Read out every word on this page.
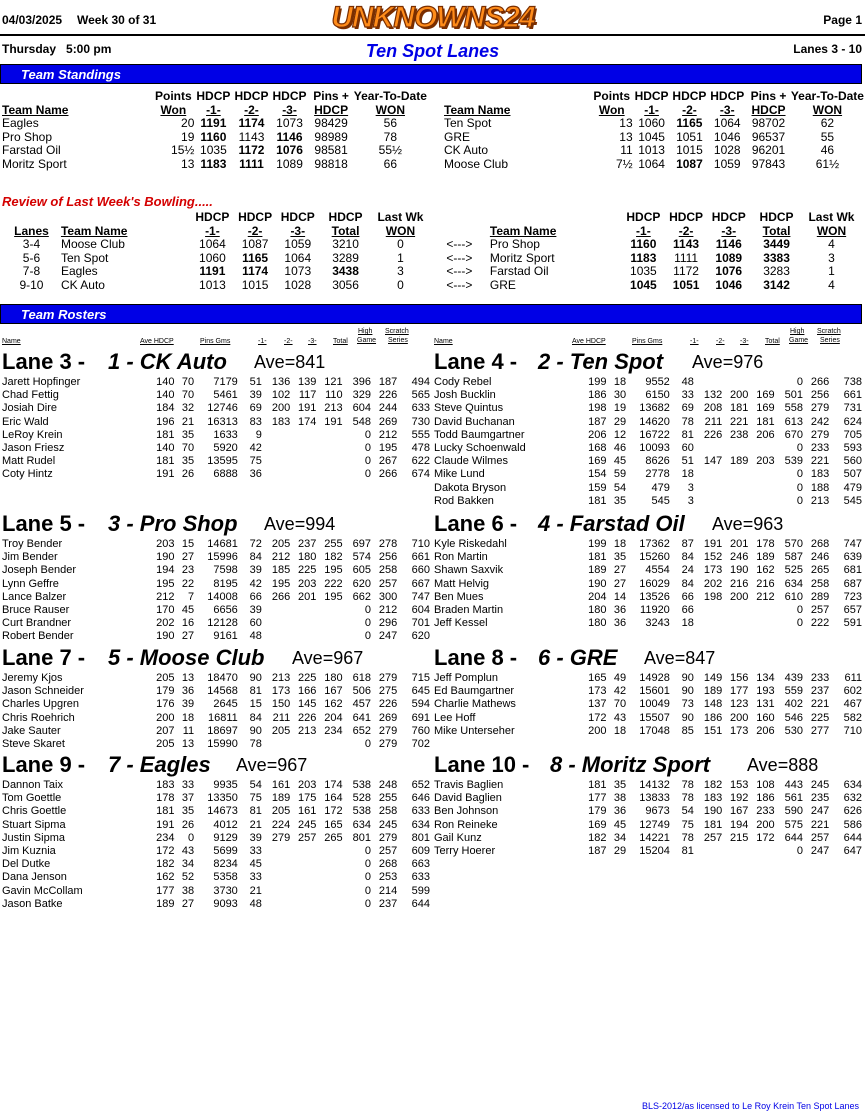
04/03/2025 Week 30 of 31	UNKNOWNS24	Page 1
Thursday   5:00 pm	Ten Spot Lanes	Lanes 3 - 10
Team Standings
	Points	HDCP	HDCP	HDCP	Pins +	Year-To-Date
Team Name	Won	-1-	-2-	-3-	HDCP	WON
Eagles	20	1191	1174	1073	98429	56
Pro Shop	19	1160	1143	1146	98989	78
Farstad Oil	15½	1035	1172	1076	98581	55½
Moritz Sport	13	1183	1111	1089	98818	66
	Points	HDCP	HDCP	HDCP	Pins +	Year-To-Date
Team Name	Won	-1-	-2-	-3-	HDCP	WON
Ten Spot	13	1060	1165	1064	98702	62
GRE	13	1045	1051	1046	96537	55
CK Auto	11	1013	1015	1028	96201	46
Moose Club	7½	1064	1087	1059	97843	61½
Review of Last Week's Bowling.....
		HDCP	HDCP	HDCP	HDCP	Last Wk			HDCP	HDCP	HDCP	HDCP	Last Wk
Lanes	Team Name	-1-	-2-	-3-	Total	WON		Team Name	-1-	-2-	-3-	Total	WON
3-4	Moose Club	1064	1087	1059	3210	0	<--->	Pro Shop	1160	1143	1146	3449	4
5-6	Ten Spot	1060	1165	1064	3289	1	<--->	Moritz Sport	1183	1111	1089	3383	3
7-8	Eagles	1191	1174	1073	3438	3	<--->	Farstad Oil	1035	1172	1076	3283	1
9-10	CK Auto	1013	1015	1028	3056	0	<--->	GRE	1045	1051	1046	3142	4
Team Rosters
Name	Ave HDCP	Pins Gms	-1- -2- -3- Total
High
Game
Scratch
Series	Name	Ave HDCP	Pins Gms	-1- -2- -3- Total
High
Game
Scratch
Series
Lane 3 - 1 - CK Auto Ave=841
Jarett Hopfinger	140	70	7179	51	136	139	121	396	187	494
Chad Fettig	140	70	5461	39	102	117	110	329	226	565
Josiah Dire	184	32	12746	69	200	191	213	604	244	633
Eric Wald	196	21	16313	83	183	174	191	548	269	730
LeRoy Krein	181	35	1633	9				0	212	555
Jason Friesz	140	70	5920	42				0	195	478
Matt Rudel	181	35	13595	75				0	267	622
Coty Hintz	191	26	6888	36				0	266	674
Lane 4 - 2 - Ten Spot Ave=976
Cody Rebel	199	18	9552	48				0	266	738
Josh Bucklin	186	30	6150	33	132	200	169	501	256	661
Steve Quintus	198	19	13682	69	208	181	169	558	279	731
David Buchanan	187	29	14620	78	211	221	181	613	242	624
Todd Baumgartner	206	12	16722	81	226	238	206	670	279	705
Lucky Schoenwald	168	46	10093	60				0	233	593
Claude Wilmes	169	45	8626	51	147	189	203	539	221	560
Mike Lund	154	59	2778	18				0	183	507
Dakota Bryson	159	54	479	3				0	188	479
Rod Bakken	181	35	545	3				0	213	545
Lane 5 - 3 - Pro Shop Ave=994
Troy Bender	203	15	14681	72	205	237	255	697	278	710
Jim Bender	190	27	15996	84	212	180	182	574	256	661
Joseph Bender	194	23	7598	39	185	225	195	605	258	660
Lynn Geffre	195	22	8195	42	195	203	222	620	257	667
Lance Balzer	212	7	14008	66	266	201	195	662	300	747
Bruce Rauser	170	45	6656	39				0	212	604
Curt Brandner	202	16	12128	60				0	296	701
Robert Bender	190	27	9161	48				0	247	620
Lane 6 - 4 - Farstad Oil Ave=963
Kyle Riskedahl	199	18	17362	87	191	201	178	570	268	747
Ron Martin	181	35	15260	84	152	246	189	587	246	639
Shawn Saxvik	189	27	4554	24	173	190	162	525	265	681
Matt Helvig	190	27	16029	84	202	216	216	634	258	687
Ben Mues	204	14	13526	66	198	200	212	610	289	723
Braden Martin	180	36	11920	66				0	257	657
Jeff Kessel	180	36	3243	18				0	222	591
Lane 7 - 5 - Moose Club Ave=967
Jeremy Kjos	205	13	18470	90	213	225	180	618	279	715
Jason Schneider	179	36	14568	81	173	166	167	506	275	645
Charles Upgren	176	39	2645	15	150	145	162	457	226	594
Chris Roehrich	200	18	16811	84	211	226	204	641	269	691
Jake Sauter	207	11	18697	90	205	213	234	652	279	760
Steve Skaret	205	13	15990	78				0	279	702
Lane 8 - 6 - GRE Ave=847
Jeff Pomplun	165	49	14928	90	149	156	134	439	233	611
Ed Baumgartner	173	42	15601	90	189	177	193	559	237	602
Charlie Mathews	137	70	10049	73	148	123	131	402	221	467
Lee Hoff	172	43	15507	90	186	200	160	546	225	582
Mike Unterseher	200	18	17048	85	151	173	206	530	277	710
Lane 9 - 7 - Eagles Ave=967
Dannon Taix	183	33	9935	54	161	203	174	538	248	652
Tom Goettle	178	37	13350	75	189	175	164	528	255	646
Chris Goettle	181	35	14673	81	205	161	172	538	258	633
Stuart Sipma	191	26	4012	21	224	245	165	634	245	634
Justin Sipma	234	0	9129	39	279	257	265	801	279	801
Jim Kuznia	172	43	5699	33				0	257	609
Del Dutke	182	34	8234	45				0	268	663
Dana Jenson	162	52	5358	33				0	253	633
Gavin McCollam	177	38	3730	21				0	214	599
Jason Batke	189	27	9093	48				0	237	644
Lane 10 - 8 - Moritz Sport Ave=888
Travis Baglien	181	35	14132	78	182	153	108	443	245	634
David Baglien	177	38	13833	78	183	192	186	561	235	632
Ben Johnson	179	36	9673	54	190	167	233	590	247	626
Ron Reineke	169	45	12749	75	181	194	200	575	221	586
Gail Kunz	182	34	14221	78	257	215	172	644	257	644
Terry Hoerer	187	29	15204	81				0	247	647
BLS-2012/as licensed to Le Roy Krein Ten Spot Lanes
